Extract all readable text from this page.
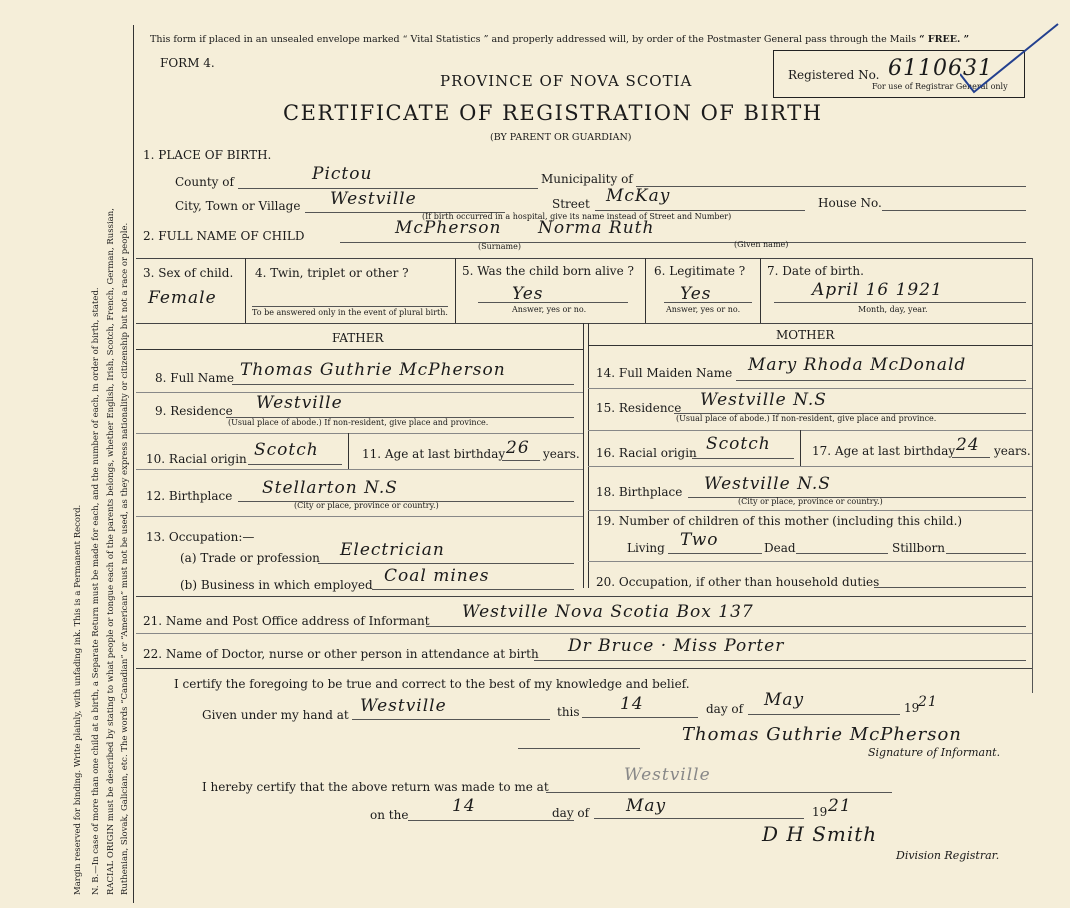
Margin reserved for binding. Write plainly, with unfading ink. This is a Permanent Record. N. B.—In case of more than one child at a birth, a Separate Return must be made for each, and the number of each, in order of birth, stated. RACIAL ORIGIN must be described by stating to what people or tongue each of the parents belongs, whether English, Irish, Scotch, French, German, Russian, Ruthenian, Slovak, Galician, etc. The words “Canadian” or “American” must not be used, as they express nationality or citizenship but not a race or people.
This form if placed in an unsealed envelope marked “ Vital Statistics ” and properly addressed will, by order of the Postmaster General pass through the Mails “ FREE. ”
FORM 4.
PROVINCE OF NOVA SCOTIA
CERTIFICATE OF REGISTRATION OF BIRTH
(BY PARENT OR GUARDIAN)
Registered No. 6110631
For use of Registrar General only
1. PLACE OF BIRTH.
County of	Pictou	Municipality of
City, Town or Village Westville	Street McKay	House No.
(If birth occurred in a hospital, give its name instead of Street and Number)
2. FULL NAME OF CHILD	McPherson Norma Ruth
(Surname)	(Given name)
3. Sex of child.
Female
4. Twin, triplet or other ?
To be answered only in the event of plural birth.
5. Was the child born alive ?
Yes
Answer, yes or no.
6. Legitimate ?
Yes
Answer, yes or no.
7. Date of birth.
April 16 1921
Month, day, year.
FATHER	MOTHER
8. Full Name Thomas Guthrie McPherson
9. Residence Westville
(Usual place of abode.) If non-resident, give place and province.
10. Racial origin Scotch	11. Age at last birthday 26 years.
12. Birthplace Stellarton N.S
(City or place, province or country.)
13. Occupation:—
(a) Trade or profession Electrician
(b) Business in which employed Coal mines
14. Full Maiden Name Mary Rhoda McDonald
15. Residence Westville N.S
(Usual place of abode.) If non-resident, give place and province.
16. Racial origin Scotch	17. Age at last birthday 24 years.
18. Birthplace Westville N.S
(City or place, province or country.)
19. Number of children of this mother (including this child.)
Living Two	Dead	Stillborn
20. Occupation, if other than household duties
21. Name and Post Office address of Informant Westville Nova Scotia Box 137
22. Name of Doctor, nurse or other person in attendance at birth Dr Bruce · Miss Porter
I certify the foregoing to be true and correct to the best of my knowledge and belief.
Given under my hand at Westville	this 14	day of May	19
21
Thomas Guthrie McPherson
Signature of Informant.
I hereby certify that the above return was made to me at
Westville
on the	14	day of May	19 21
D H Smith
Division Registrar.
